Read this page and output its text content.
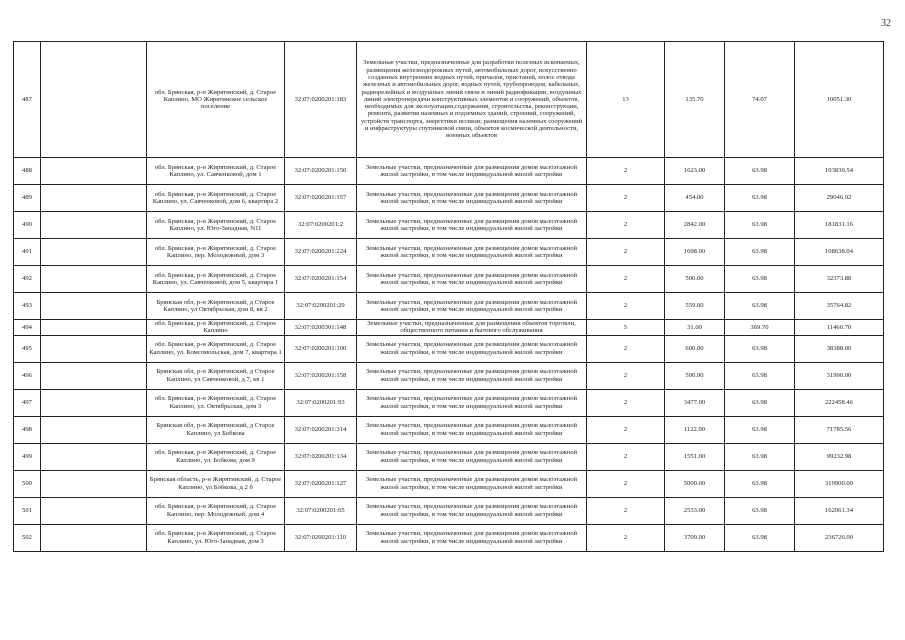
32
487		обл. Брянская, р-н Жирятинский, д. Старое Каплино, МО Жирятинское сельское поселение	32:07:0200201:183	Земельные участки, предназначенные для разработки полезных ископаемых, размещения железнодорожных путей, автомобильных дорог, искусственно созданных внутренних водных путей, причалов, пристаней, полос отвода железных и автомобильных дорог, водных путей, трубопроводов, кабельных, радиорелейных и воздушных линий связи и линий радиофикации, воздушных линий электропередачи конструктивных элементов и сооружений, объектов, необходимых для эксплуатации,содержания, строительства, реконструкции, ремонта, развития наземных и подземных зданий, строений, сооружений, устройств транспорта, энергетики иссвязи; размещения наземных сооружений и инфраструктуры спутниковой связи, объектов космической деятельности, военных объектов	13	135.70	74.07	10051.30
488		обл. Брянская, р-н Жирятинский, д. Старое Каплино, ул. Савченковой, дом 1	32:07:0200201:150	Земельные участки, предназначенные для размещения домов малоэтажной жилой застройки, в том числе индивидуальной жилой застройки	2	1623.00	63.98	103839.54
489		обл. Брянская, р-н Жирятинский, д. Старое Каплино, ул. Савченковой, дом 6, квартира 2	32:07:0200201:157	Земельные участки, предназначенные для размещения домов малоэтажной жилой застройки, в том числе индивидуальной жилой застройки	2	454.00	63.98	29046.92
490		обл. Брянская, р-н Жирятинский, д. Старое Каплино, ул. Юго-Западная, N11	32:07:0200201:2	Земельные участки, предназначенные для размещения домов малоэтажной жилой застройки, в том числе индивидуальной жилой застройки	2	2842.00	63.98	181831.16
491		обл. Брянская, р-н Жирятинский, д. Старое Каплино, пер. Молодежный, дом 3	32:07:0200201:224	Земельные участки, предназначенные для размещения домов малоэтажной жилой застройки, в том числе индивидуальной жилой застройки	2	1698.00	63.98	108638.04
492		обл. Брянская, р-н Жирятинский, д. Старое Каплино, ул. Савченковой, дом 5, квартира 1	32:07:0200201:154	Земельные участки, предназначенные для размещения домов малоэтажной жилой застройки, в том числе индивидуальной жилой застройки	2	506.00	63.98	32373.88
493		Брянская обл, р-н Жирятинский, д Старое Каплино, ул Октябрьская, дом 8, кв 2	32:07:0200201:29	Земельные участки, предназначенные для размещения домов малоэтажной жилой застройки, в том числе индивидуальной жилой застройки	2	559.00	63.98	35764.82
494		обл. Брянская, р-н Жирятинский, д. Старое Каплино	32:07:0200301:148	Земельные участки, предназначенные для размещения объектов торговли, общественного питания и бытового обслуживания	5	31.00	369.70	11460.70
495		обл. Брянская, р-н Жирятинский, д. Старое Каплино, ул. Комсомольская, дом 7, квартира 1	32:07:0200201:100	Земельные участки, предназначенные для размещения домов малоэтажной жилой застройки, в том числе индивидуальной жилой застройки	2	600.00	63.98	38388.00
496		Брянская обл, р-н Жирятинский, д Старое Каплино, ул Савченковой, д 7, кв 1	32:07:0200201:158	Земельные участки, предназначенные для размещения домов малоэтажной жилой застройки, в том числе индивидуальной жилой застройки	2	500.00	63.98	31990.00
497		обл. Брянская, р-н Жирятинский, д. Старое Каплино, ул. Октябрьская, дом 3	32:07:0200201:93	Земельные участки, предназначенные для размещения домов малоэтажной жилой застройки, в том числе индивидуальной жилой застройки	2	3477.00	63.98	222458.46
498		Брянская обл, р-н Жирятинский, д Старое Каплино, ул Бобкова	32:07:0200201:314	Земельные участки, предназначенные для размещения домов малоэтажной жилой застройки, в том числе индивидуальной жилой застройки	2	1122.00	63.98	71785.56
499		обл. Брянская, р-н Жирятинский, д. Старое Каплино, ул. Бобкова, дом 9	32:07:0200201:134	Земельные участки, предназначенные для размещения домов малоэтажной жилой застройки, в том числе индивидуальной жилой застройки	2	1551.00	63.98	99232.98
500		Брянская область, р-н Жирятинский, д. Старое Каплино, ул Бобкова, д 2 б	32:07:0200201:127	Земельные участки, предназначенные для размещения домов малоэтажной жилой застройки, в том числе индивидуальной жилой застройки	2	5000.00	63.98	319900.00
501		обл. Брянская, р-н Жирятинский, д. Старое Каплино, пер. Молодежный, дом 4	32:07:0200201:65	Земельные участки, предназначенные для размещения домов малоэтажной жилой застройки, в том числе индивидуальной жилой застройки	2	2533.00	63.98	162061.34
502		обл. Брянская, р-н Жирятинский, д. Старое Каплино, ул. Юго-Западная, дом 3	32:07:0200201:110	Земельные участки, предназначенные для размещения домов малоэтажной жилой застройки, в том числе индивидуальной жилой застройки	2	3700.00	63.98	236726.00
